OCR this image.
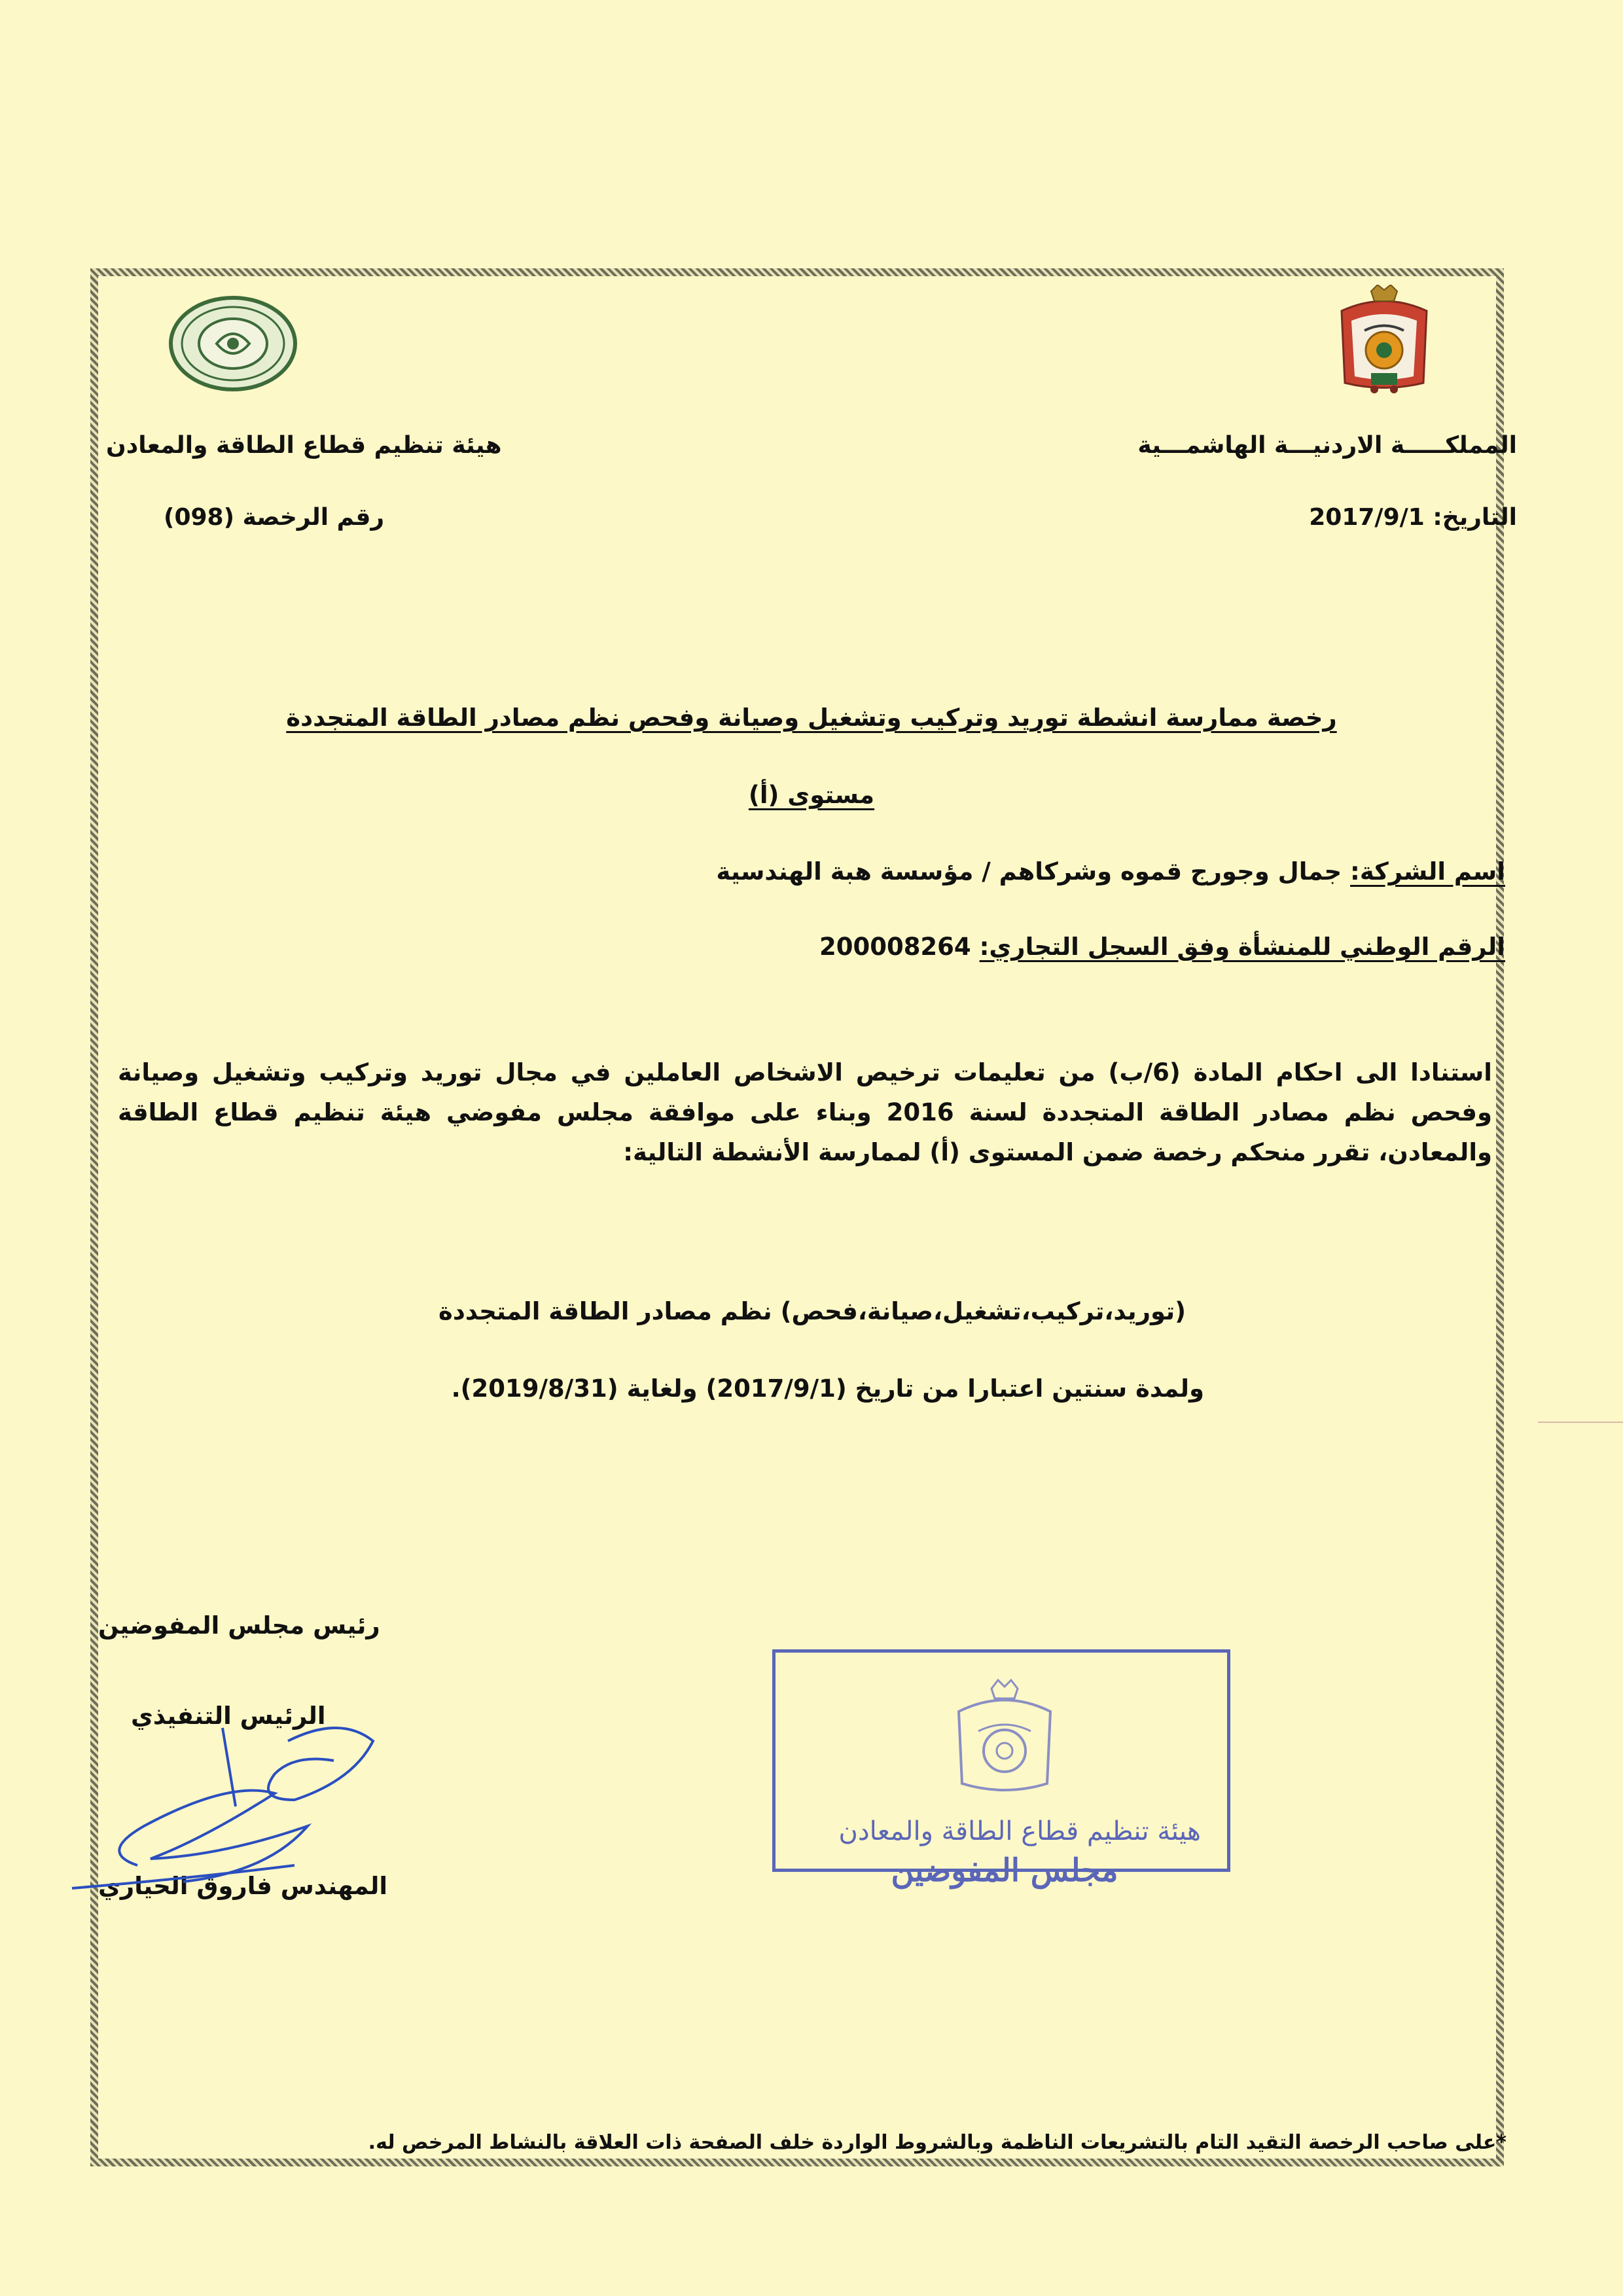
المملكـــــة الاردنيـــة الهاشمـــية
التاريخ: 2017/9/1
هيئة تنظيم قطاع الطاقة والمعادن
رقم الرخصة (098)
رخصة ممارسة انشطة توريد وتركيب وتشغيل وصيانة وفحص نظم مصادر الطاقة المتجددة
مستوى (أ)
اسم الشركة: جمال وجورج قموه وشركاهم / مؤسسة هبة الهندسية
الرقم الوطني للمنشأة وفق السجل التجاري: 200008264
استنادا الى احكام المادة (6/ب) من تعليمات ترخيص الاشخاص العاملين في مجال توريد وتركيب وتشغيل وصيانة وفحص نظم مصادر الطاقة المتجددة لسنة 2016 وبناء على موافقة مجلس مفوضي هيئة تنظيم قطاع الطاقة والمعادن، تقرر منحكم رخصة ضمن المستوى (أ) لممارسة الأنشطة التالية:
(توريد،تركيب،تشغيل،صيانة،فحص) نظم مصادر الطاقة المتجددة
ولمدة سنتين اعتبارا من تاريخ (2017/9/1) ولغاية (2019/8/31).
رئيس مجلس المفوضين
الرئيس التنفيذي
المهندس فاروق الحياري
هيئة تنظيم قطاع الطاقة والمعادن
مجلس المفوضين
*على صاحب الرخصة التقيد التام بالتشريعات الناظمة وبالشروط الواردة خلف الصفحة ذات العلاقة بالنشاط المرخص له.
